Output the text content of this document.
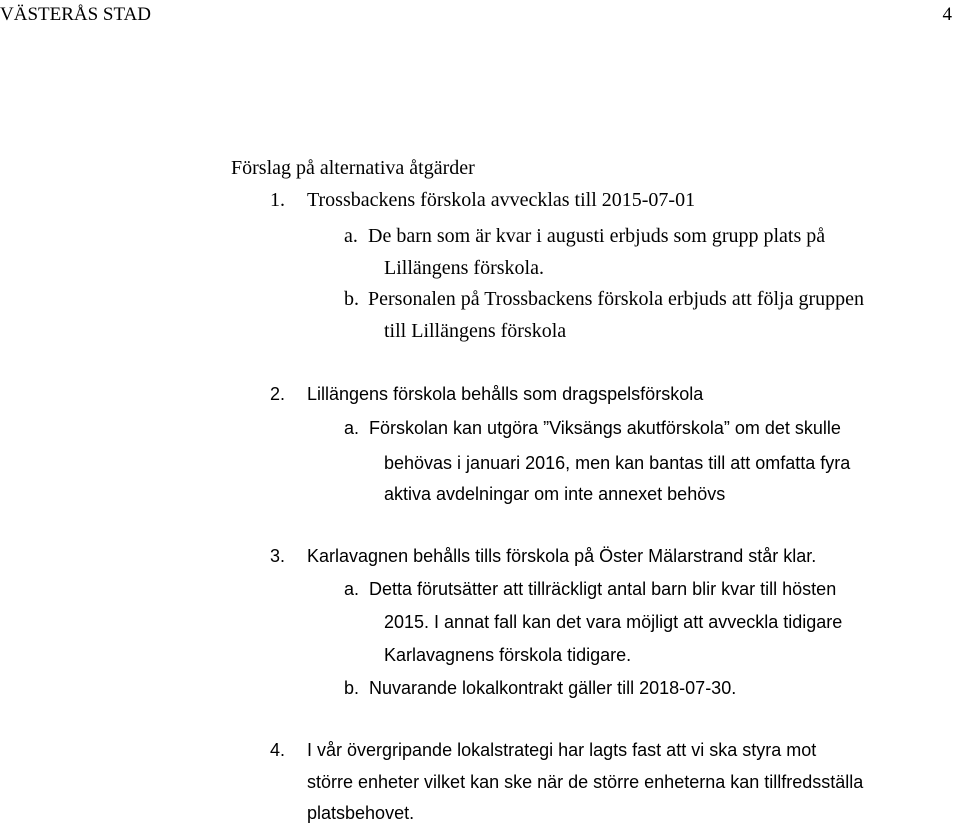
VÄSTERÅS STAD	4
Förslag på alternativa åtgärder
1. Trossbackens förskola avvecklas till 2015-07-01
a. De barn som är kvar i augusti erbjuds som grupp plats på
Lillängens förskola.
b. Personalen på Trossbackens förskola erbjuds att följa gruppen
till Lillängens förskola
2. Lillängens förskola behålls som dragspelsförskola
a. Förskolan kan utgöra ”Viksängs akutförskola” om det skulle
behövas i januari 2016, men kan bantas till att omfatta fyra
aktiva avdelningar om inte annexet behövs
3. Karlavagnen behålls tills förskola på Öster Mälarstrand står klar.
a. Detta förutsätter att tillräckligt antal barn blir kvar till hösten
2015. I annat fall kan det vara möjligt att avveckla tidigare
Karlavagnens förskola tidigare.
b. Nuvarande lokalkontrakt gäller till 2018-07-30.
4. I vår övergripande lokalstrategi har lagts fast att vi ska styra mot
större enheter vilket kan ske när de större enheterna kan tillfredsställa
platsbehovet.
